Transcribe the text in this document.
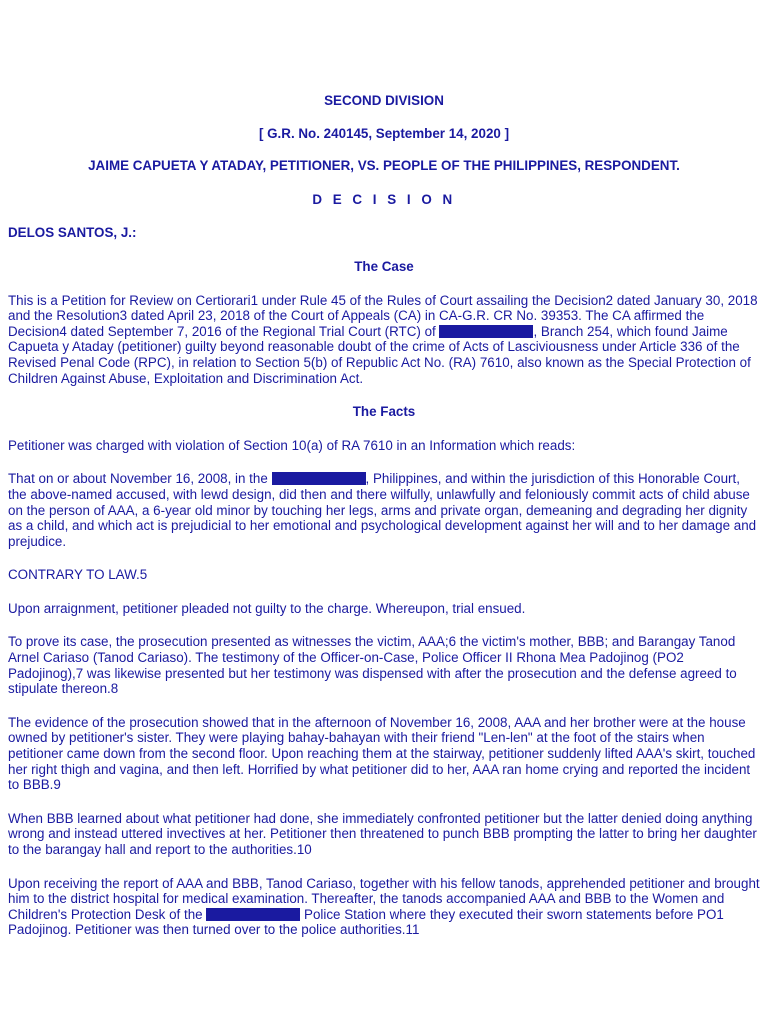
SECOND DIVISION

[ G.R. No. 240145, September 14, 2020 ]

JAIME CAPUETA Y ATADAY, PETITIONER, VS. PEOPLE OF THE PHILIPPINES, RESPONDENT.

D E C I S I O N

DELOS SANTOS, J.:

The Case

This is a Petition for Review on Certiorari1 under Rule 45 of the Rules of Court assailing the Decision2 dated January 30, 2018 and the Resolution3 dated April 23, 2018 of the Court of Appeals (CA) in CA-G.R. CR No. 39353. The CA affirmed the Decision4 dated September 7, 2016 of the Regional Trial Court (RTC) of	, Branch 254, which found Jaime Capueta y Ataday (petitioner) guilty beyond reasonable doubt of the crime of Acts of Lasciviousness under Article 336 of the Revised Penal Code (RPC), in relation to Section 5(b) of Republic Act No. (RA) 7610, also known as the Special Protection of Children Against Abuse, Exploitation and Discrimination Act.

The Facts

Petitioner was charged with violation of Section 10(a) of RA 7610 in an Information which reads:

That on or about November 16, 2008, in the	, Philippines, and within the jurisdiction of this Honorable Court, the above-named accused, with lewd design, did then and there wilfully, unlawfully and feloniously commit acts of child abuse on the person of AAA, a 6-year old minor by touching her legs, arms and private organ, demeaning and degrading her dignity as a child, and which act is prejudicial to her emotional and psychological development against her will and to her damage and prejudice.

CONTRARY TO LAW.5

Upon arraignment, petitioner pleaded not guilty to the charge. Whereupon, trial ensued.

To prove its case, the prosecution presented as witnesses the victim, AAA;6 the victim's mother, BBB; and Barangay Tanod Arnel Cariaso (Tanod Cariaso). The testimony of the Officer-on-Case, Police Officer II Rhona Mea Padojinog (PO2 Padojinog),7 was likewise presented but her testimony was dispensed with after the prosecution and the defense agreed to stipulate thereon.8

The evidence of the prosecution showed that in the afternoon of November 16, 2008, AAA and her brother were at the house owned by petitioner's sister. They were playing bahay-bahayan with their friend "Len-len" at the foot of the stairs when petitioner came down from the second floor. Upon reaching them at the stairway, petitioner suddenly lifted AAA's skirt, touched her right thigh and vagina, and then left. Horrified by what petitioner did to her, AAA ran home crying and reported the incident to BBB.9

When BBB learned about what petitioner had done, she immediately confronted petitioner but the latter denied doing anything wrong and instead uttered invectives at her. Petitioner then threatened to punch BBB prompting the latter to bring her daughter to the barangay hall and report to the authorities.10

Upon receiving the report of AAA and BBB, Tanod Cariaso, together with his fellow tanods, apprehended petitioner and brought him to the district hospital for medical examination. Thereafter, the tanods accompanied AAA and BBB to the Women and Children's Protection Desk of the	Police Station where they executed their sworn statements before PO1 Padojinog. Petitioner was then turned over to the police authorities.11
